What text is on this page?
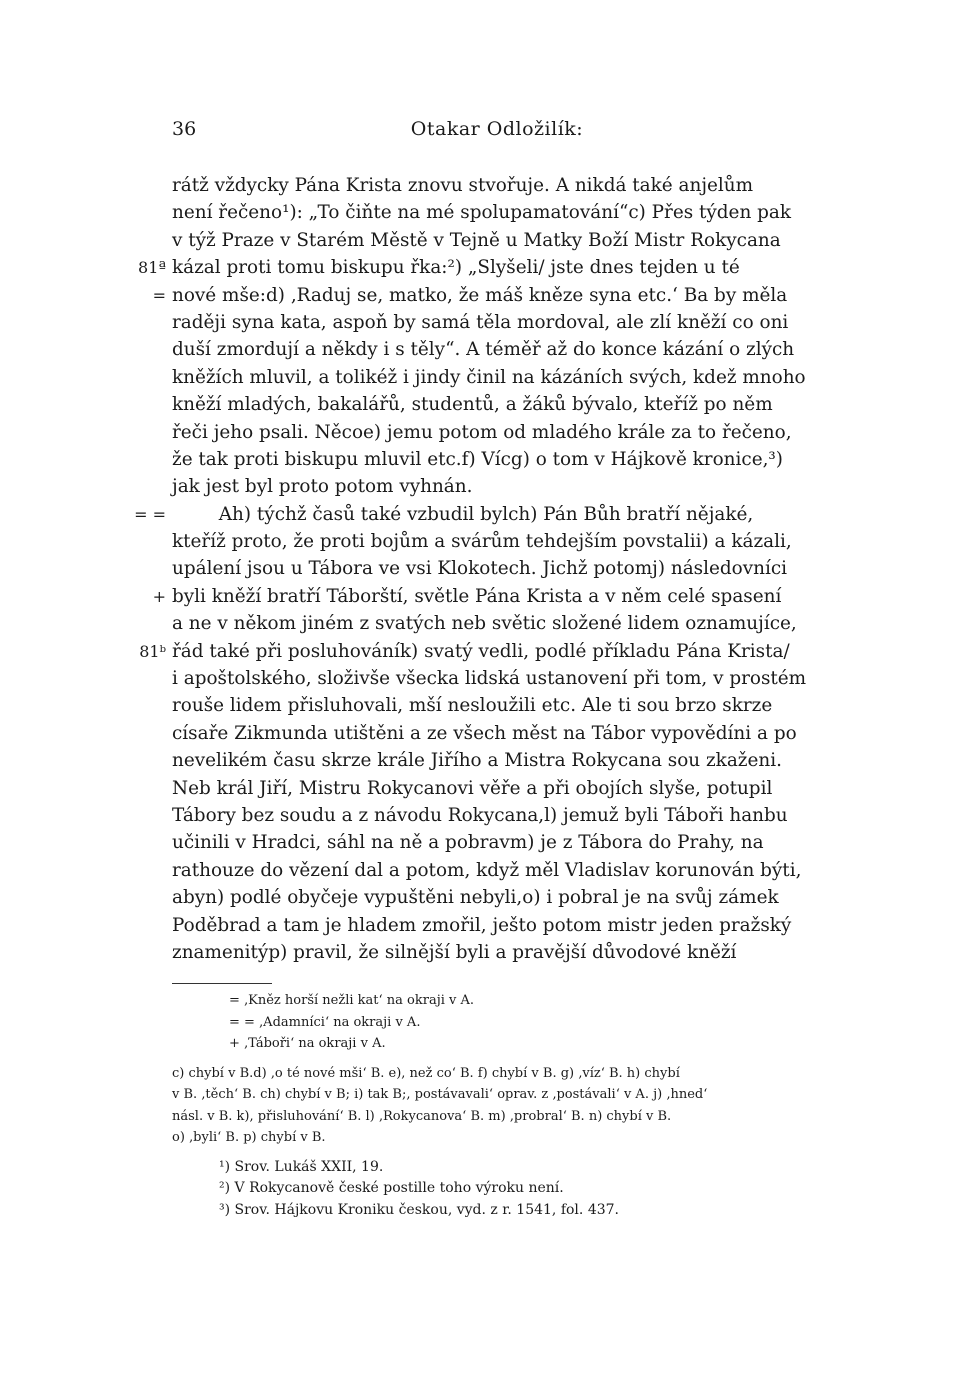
36	Otakar Odložilík:
rátž vždycky Pána Krista znovu stvořuje. A nikdá také anjelům
není řečeno¹): „To čiňte na mé spolupamatování“c) Přes týden pak
v týž Praze v Starém Městě v Tejně u Matky Boží Mistr Rokycana
81ª kázal proti tomu biskupu řka:²) „Slyšeli/ jste dnes tejden u té
= nové mše:d) ‚Raduj se, matko, že máš kněze syna etc.‘ Ba by měla
raději syna kata, aspoň by samá těla mordoval, ale zlí kněží co oni
duší zmordují a někdy i s těly“. A téměř až do konce kázání o zlých
kněžích mluvil, a tolikéž i jindy činil na kázáních svých, kdež mnoho
kněží mladých, bakalářů, studentů, a žáků bývalo, kteříž po něm
řeči jeho psali. Něcoe) jemu potom od mladého krále za to řečeno,
že tak proti biskupu mluvil etc.f) Vícg) o tom v Hájkově kronice,³)
jak jest byl proto potom vyhnán.
= = Ah) týchž časů také vzbudil bylch) Pán Bůh bratří nějaké,
kteříž proto, že proti bojům a svárům tehdejším povstalii) a kázali,
upálení jsou u Tábora ve vsi Klokotech. Jichž potomj) následovníci
+ byli kněží bratří Táborští, světle Pána Krista a v něm celé spasení
a ne v někom jiném z svatých neb světic složené lidem oznamujíce,
81ᵇ řád také při posluhováník) svatý vedli, podlé příkladu Pána Krista/
i apoštolského, složivše všecka lidská ustanovení při tom, v prostém
rouše lidem přisluhovali, mší nesloužili etc. Ale ti sou brzo skrze
císaře Zikmunda utištěni a ze všech měst na Tábor vypovědíni a po
nevelikém času skrze krále Jiřího a Mistra Rokycana sou zkaženi.
Neb král Jiří, Mistru Rokycanovi věře a při obojích slyše, potupil
Tábory bez soudu a z návodu Rokycana,l) jemuž byli Táboři hanbu
učinili v Hradci, sáhl na ně a pobravm) je z Tábora do Prahy, na
rathouze do vězení dal a potom, když měl Vladislav korunován býti,
abyn) podlé obyčeje vypuštěni nebyli,o) i pobral je na svůj zámek
Poděbrad a tam je hladem zmořil, ješto potom mistr jeden pražský
znamenitýp) pravil, že silnější byli a pravější důvodové kněží
= ‚Kněz horší nežli kat‘ na okraji v A.
= = ‚Adamníci‘ na okraji v A.
+ ‚Táboři‘ na okraji v A.
c) chybí v B.d) ‚o té nové mši‘ B. e), než co‘ B. f) chybí v B. g) ‚víz‘ B. h) chybí
v B. ‚těch‘ B. ch) chybí v B; i) tak B;, postávavali‘ oprav. z ‚postávali‘ v A. j) ‚hned‘
násl. v B. k), přisluhování‘ B. l) ‚Rokycanova‘ B. m) ‚probral‘ B. n) chybí v B.
o) ‚byli‘ B. p) chybí v B.
¹) Srov. Lukáš XXII, 19.
²) V Rokycanově české postille toho výroku není.
³) Srov. Hájkovu Kroniku českou, vyd. z r. 1541, fol. 437.
